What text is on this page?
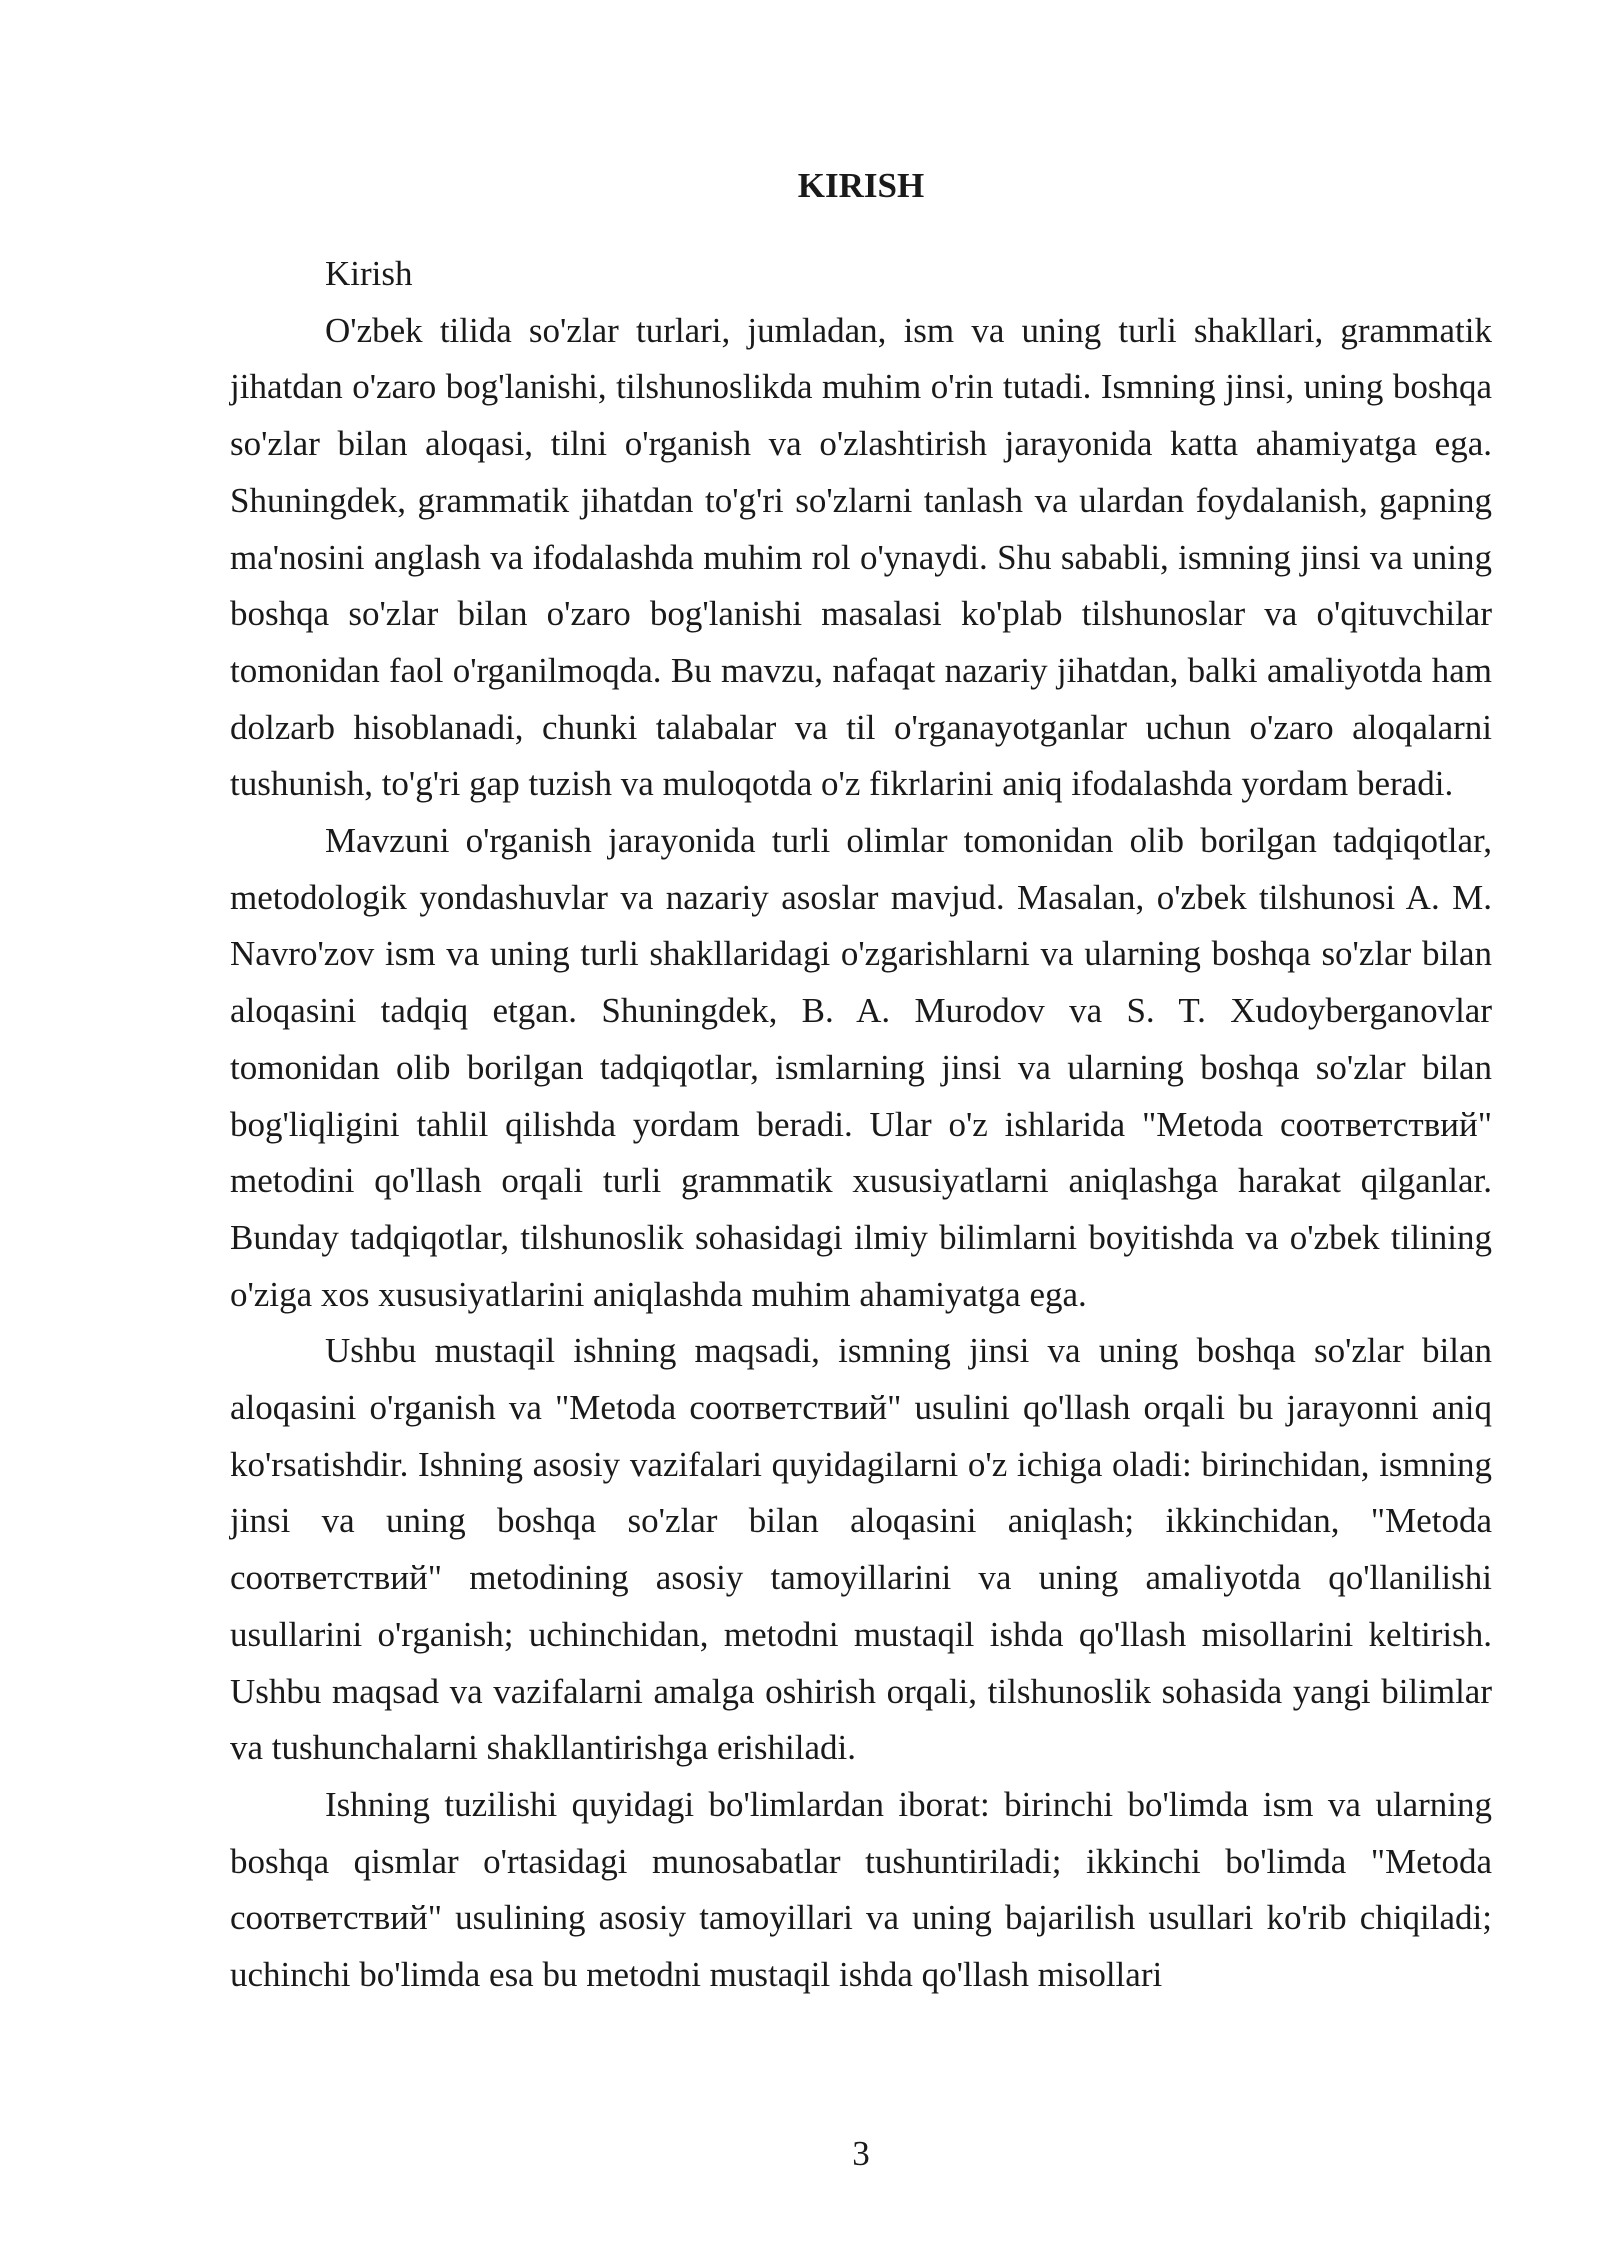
KIRISH

Kirish

O'zbek tilida so'zlar turlari, jumladan, ism va uning turli shakllari, grammatik jihatdan o'zaro bog'lanishi, tilshunoslikda muhim o'rin tutadi. Ismning jinsi, uning boshqa so'zlar bilan aloqasi, tilni o'rganish va o'zlashtirish jarayonida katta ahamiyatga ega. Shuningdek, grammatik jihatdan to'g'ri so'zlarni tanlash va ulardan foydalanish, gapning ma'nosini anglash va ifodalashda muhim rol o'ynaydi. Shu sababli, ismning jinsi va uning boshqa so'zlar bilan o'zaro bog'lanishi masalasi ko'plab tilshunoslar va o'qituvchilar tomonidan faol o'rganilmoqda. Bu mavzu, nafaqat nazariy jihatdan, balki amaliyotda ham dolzarb hisoblanadi, chunki talabalar va til o'rganayotganlar uchun o'zaro aloqalarni tushunish, to'g'ri gap tuzish va muloqotda o'z fikrlarini aniq ifodalashda yordam beradi.

Mavzuni o'rganish jarayonida turli olimlar tomonidan olib borilgan tadqiqotlar, metodologik yondashuvlar va nazariy asoslar mavjud. Masalan, o'zbek tilshunosi A. M. Navro'zov ism va uning turli shakllaridagi o'zgarishlarni va ularning boshqa so'zlar bilan aloqasini tadqiq etgan. Shuningdek, B. A. Murodov va S. T. Xudoyberganovlar tomonidan olib borilgan tadqiqotlar, ismlarning jinsi va ularning boshqa so'zlar bilan bog'liqligini tahlil qilishda yordam beradi. Ular o'z ishlarida "Metoda соответствий" metodini qo'llash orqali turli grammatik xususiyatlarni aniqlashga harakat qilganlar. Bunday tadqiqotlar, tilshunoslik sohasidagi ilmiy bilimlarni boyitishda va o'zbek tilining o'ziga xos xususiyatlarini aniqlashda muhim ahamiyatga ega.

Ushbu mustaqil ishning maqsadi, ismning jinsi va uning boshqa so'zlar bilan aloqasini o'rganish va "Metoda соответствий" usulini qo'llash orqali bu jarayonni aniq ko'rsatishdir. Ishning asosiy vazifalari quyidagilarni o'z ichiga oladi: birinchidan, ismning jinsi va uning boshqa so'zlar bilan aloqasini aniqlash; ikkinchidan, "Metoda соответствий" metodining asosiy tamoyillarini va uning amaliyotda qo'llanilishi usullarini o'rganish; uchinchidan, metodni mustaqil ishda qo'llash misollarini keltirish. Ushbu maqsad va vazifalarni amalga oshirish orqali, tilshunoslik sohasida yangi bilimlar va tushunchalarni shakllantirishga erishiladi.

Ishning tuzilishi quyidagi bo'limlardan iborat: birinchi bo'limda ism va ularning boshqa qismlar o'rtasidagi munosabatlar tushuntiriladi; ikkinchi bo'limda "Metoda соответствий" usulining asosiy tamoyillari va uning bajarilish usullari ko'rib chiqiladi; uchinchi bo'limda esa bu metodni mustaqil ishda qo'llash misollari

3
